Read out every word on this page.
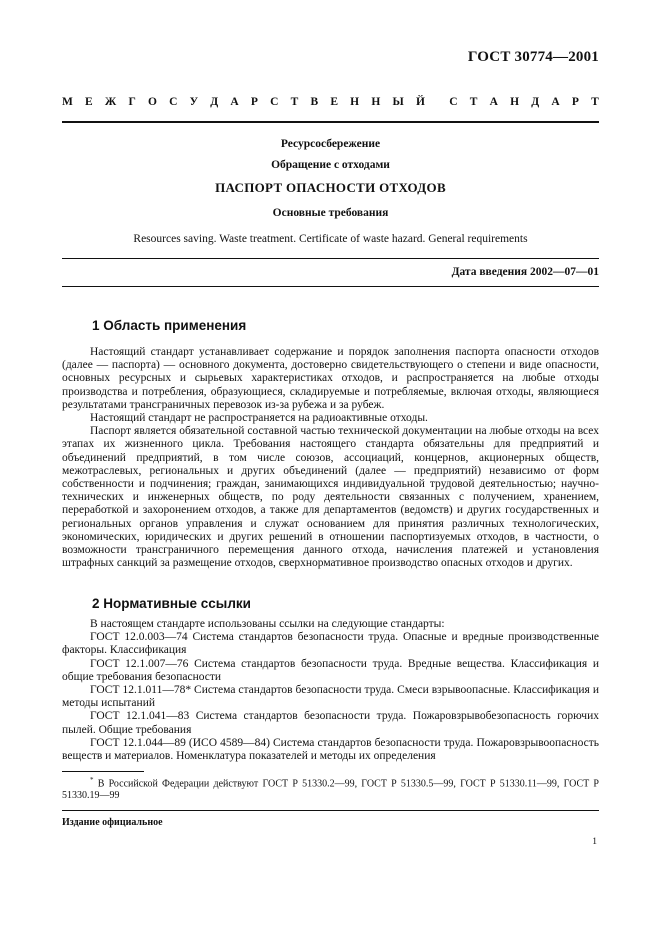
ГОСТ 30774—2001
М Е Ж Г О С У Д А Р С Т В Е Н Н Ы Й С Т А Н Д А Р Т
Ресурсосбережение
Обращение с отходами
ПАСПОРТ ОПАСНОСТИ ОТХОДОВ
Основные требования
Resources saving. Waste treatment. Certificate of waste hazard. General requirements
Дата введения 2002—07—01
1 Область применения

Настоящий стандарт устанавливает содержание и порядок заполнения паспорта опасности отходов (далее — паспорта) — основного документа, достоверно свидетельствующего о степени и виде опасности, основных ресурсных и сырьевых характеристиках отходов, и распространяется на любые отходы производства и потребления, образующиеся, складируемые и потребляемые, включая отходы, являющиеся результатами трансграничных перевозок из-за рубежа и за рубеж.

Настоящий стандарт не распространяется на радиоактивные отходы.

Паспорт является обязательной составной частью технической документации на любые отходы на всех этапах их жизненного цикла. Требования настоящего стандарта обязательны для предприятий и объединений предприятий, в том числе союзов, ассоциаций, концернов, акционерных обществ, межотраслевых, региональных и других объединений (далее — предприятий) независимо от форм собственности и подчинения; граждан, занимающихся индивидуальной трудовой деятельностью; научно-технических и инженерных обществ, по роду деятельности связанных с получением, хранением, переработкой и захоронением отходов, а также для департаментов (ведомств) и других государственных и региональных органов управления и служат основанием для принятия различных технологических, экономических, юридических и других решений в отношении паспортизуемых отходов, в частности, о возможности трансграничного перемещения данного отхода, начисления платежей и установления штрафных санкций за размещение отходов, сверхнормативное производство опасных отходов и других.

2 Нормативные ссылки

В настоящем стандарте использованы ссылки на следующие стандарты:

ГОСТ 12.0.003—74 Система стандартов безопасности труда. Опасные и вредные производственные факторы. Классификация

ГОСТ 12.1.007—76 Система стандартов безопасности труда. Вредные вещества. Классификация и общие требования безопасности

ГОСТ 12.1.011—78* Система стандартов безопасности труда. Смеси взрывоопасные. Классификация и методы испытаний

ГОСТ 12.1.041—83 Система стандартов безопасности труда. Пожаровзрывобезопасность горючих пылей. Общие требования

ГОСТ 12.1.044—89 (ИСО 4589—84) Система стандартов безопасности труда. Пожаровзрывоопасность веществ и материалов. Номенклатура показателей и методы их определения

* В Российской Федерации действуют ГОСТ Р 51330.2—99, ГОСТ Р 51330.5—99, ГОСТ Р 51330.11—99, ГОСТ Р 51330.19—99
Издание официальное
1
